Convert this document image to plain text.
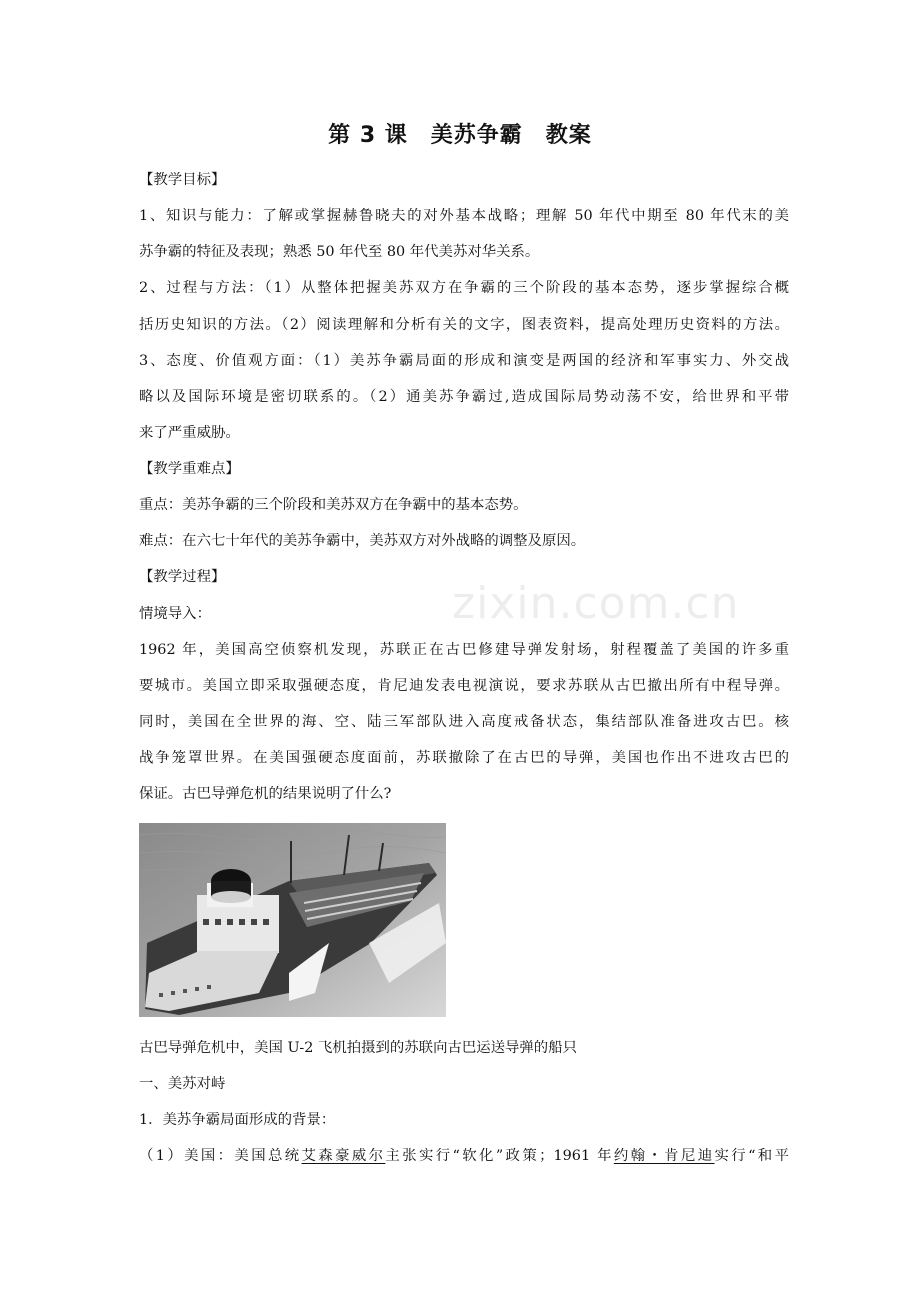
zixin.com.cn
第 3 课　美苏争霸　教案
【教学目标】
1、知识与能力：了解或掌握赫鲁晓夫的对外基本战略；理解 50 年代中期至 80 年代末的美
苏争霸的特征及表现；熟悉 50 年代至 80 年代美苏对华关系。
2、过程与方法：（1）从整体把握美苏双方在争霸的三个阶段的基本态势，逐步掌握综合概
括历史知识的方法。（2）阅读理解和分析有关的文字，图表资料，提高处理历史资料的方法。
3、态度、价值观方面：（1）美苏争霸局面的形成和演变是两国的经济和军事实力、外交战
略以及国际环境是密切联系的。（2）通美苏争霸过,造成国际局势动荡不安，给世界和平带
来了严重威胁。
【教学重难点】
重点：美苏争霸的三个阶段和美苏双方在争霸中的基本态势。
难点：在六七十年代的美苏争霸中，美苏双方对外战略的调整及原因。
【教学过程】
情境导入：
1962 年，美国高空侦察机发现，苏联正在古巴修建导弹发射场，射程覆盖了美国的许多重
要城市。美国立即采取强硬态度，肯尼迪发表电视演说，要求苏联从古巴撤出所有中程导弹。
同时，美国在全世界的海、空、陆三军部队进入高度戒备状态，集结部队准备进攻古巴。核
战争笼罩世界。在美国强硬态度面前，苏联撤除了在古巴的导弹，美国也作出不进攻古巴的
保证。古巴导弹危机的结果说明了什么?
古巴导弹危机中，美国 U-2 飞机拍摄到的苏联向古巴运送导弹的船只
一、美苏对峙
1．美苏争霸局面形成的背景：
（1）美国：美国总统艾森豪威尔主张实行“软化”政策；1961 年约翰・肯尼迪实行“和平
